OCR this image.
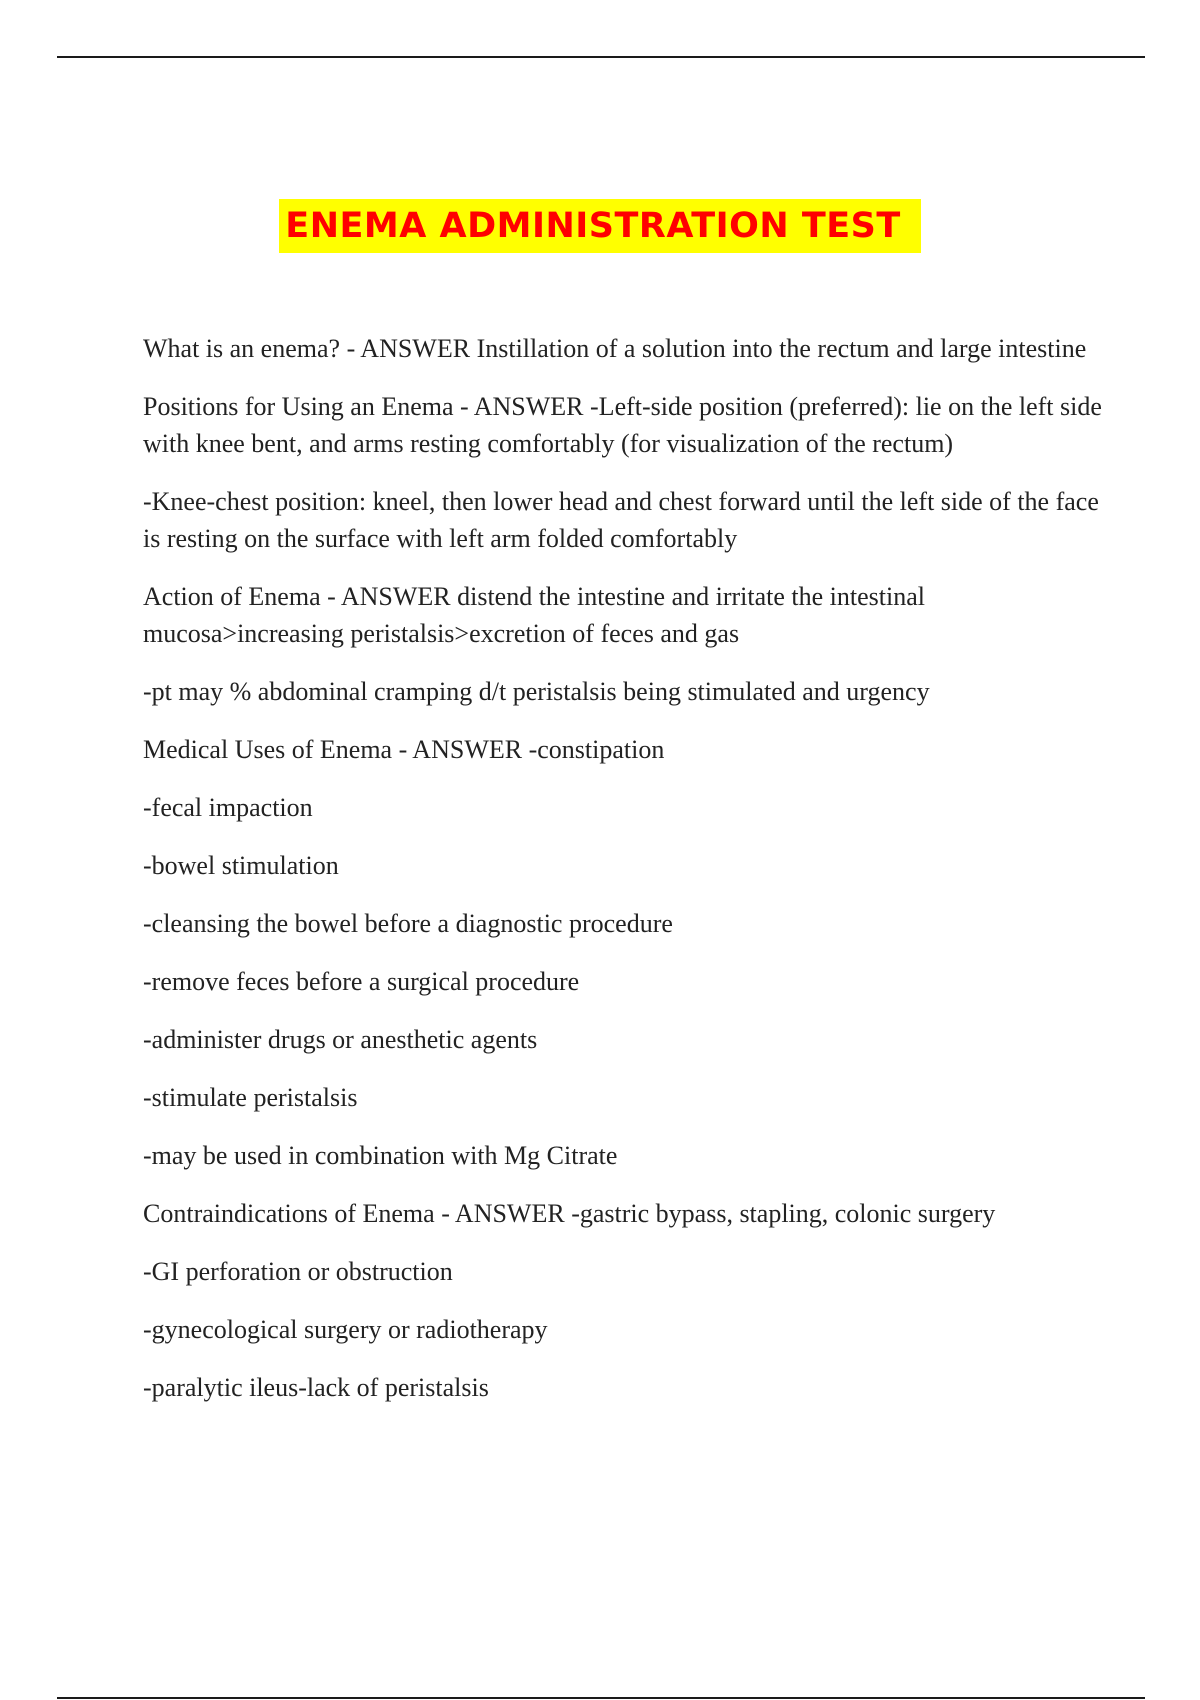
ENEMA ADMINISTRATION TEST

What is an enema? - ANSWER Instillation of a solution into the rectum and large intestine

Positions for Using an Enema - ANSWER -Left-side position (preferred): lie on the left side with knee bent, and arms resting comfortably (for visualization of the rectum)

-Knee-chest position: kneel, then lower head and chest forward until the left side of the face is resting on the surface with left arm folded comfortably

Action of Enema - ANSWER distend the intestine and irritate the intestinal mucosa>increasing peristalsis>excretion of feces and gas

-pt may % abdominal cramping d/t peristalsis being stimulated and urgency

Medical Uses of Enema - ANSWER -constipation

-fecal impaction

-bowel stimulation

-cleansing the bowel before a diagnostic procedure

-remove feces before a surgical procedure

-administer drugs or anesthetic agents

-stimulate peristalsis

-may be used in combination with Mg Citrate

Contraindications of Enema - ANSWER -gastric bypass, stapling, colonic surgery

-GI perforation or obstruction

-gynecological surgery or radiotherapy

-paralytic ileus-lack of peristalsis
